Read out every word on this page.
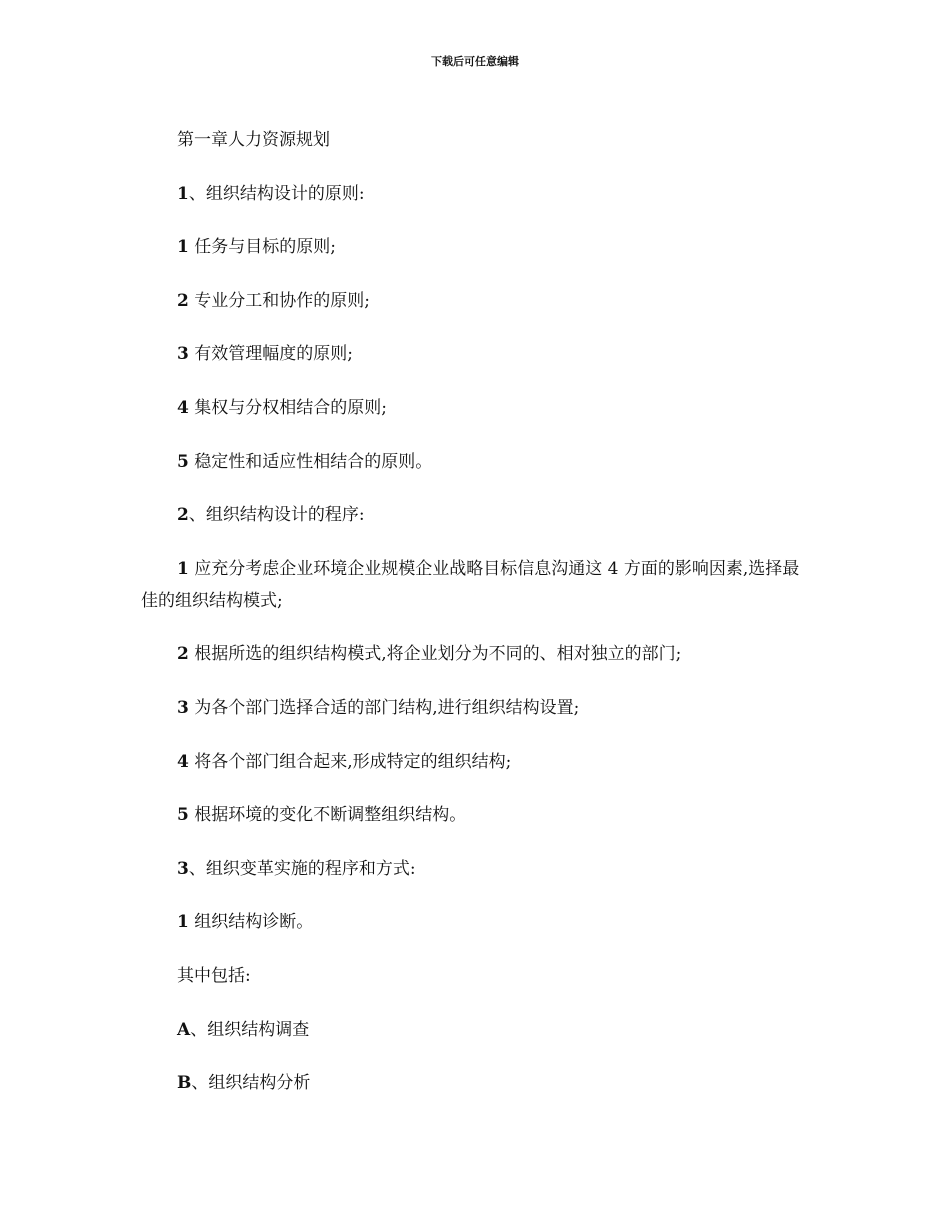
下载后可任意编辑

第一章人力资源规划

1、组织结构设计的原则:

1 任务与目标的原则;

2 专业分工和协作的原则;

3 有效管理幅度的原则;

4 集权与分权相结合的原则;

5 稳定性和适应性相结合的原则。

2、组织结构设计的程序:

1 应充分考虑企业环境企业规模企业战略目标信息沟通这 4 方面的影响因素,选择最佳的组织结构模式;

2 根据所选的组织结构模式,将企业划分为不同的、相对独立的部门;

3 为各个部门选择合适的部门结构,进行组织结构设置;

4 将各个部门组合起来,形成特定的组织结构;

5 根据环境的变化不断调整组织结构。

3、组织变革实施的程序和方式:

1 组织结构诊断。

其中包括:

A、组织结构调查

B、组织结构分析
